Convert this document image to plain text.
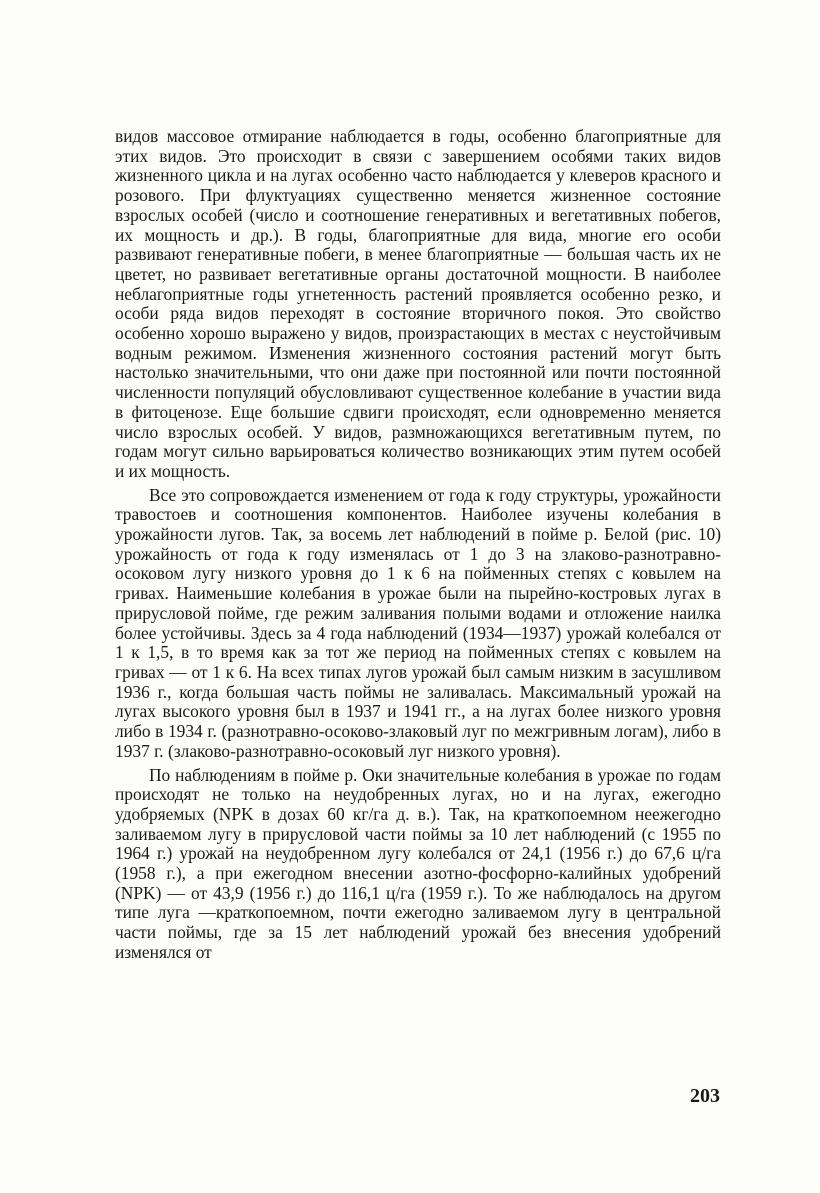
видов массовое отмирание наблюдается в годы, особенно благоприятные для этих видов. Это происходит в связи с завершением особями таких видов жизненного цикла и на лугах особенно часто наблюдается у клеверов красного и розового. При флуктуациях существенно меняется жизненное состояние взрослых особей (число и соотношение генеративных и вегетативных побегов, их мощность и др.). В годы, благоприятные для вида, многие его особи развивают генеративные побеги, в менее благоприятные — большая часть их не цветет, но развивает вегетативные органы достаточной мощности. В наиболее неблагоприятные годы угнетенность растений проявляется особенно резко, и особи ряда видов переходят в состояние вторичного покоя. Это свойство особенно хорошо выражено у видов, произрастающих в местах с неустойчивым водным режимом. Изменения жизненного состояния растений могут быть настолько значительными, что они даже при постоянной или почти постоянной численности популяций обусловливают существенное колебание в участии вида в фитоценозе. Еще большие сдвиги происходят, если одновременно меняется число взрослых особей. У видов, размножающихся вегетативным путем, по годам могут сильно варьироваться количество возникающих этим путем особей и их мощность.

Все это сопровождается изменением от года к году структуры, урожайности травостоев и соотношения компонентов. Наиболее изучены колебания в урожайности лугов. Так, за восемь лет наблюдений в пойме р. Белой (рис. 10) урожайность от года к году изменялась от 1 до 3 на злаково-разнотравно-осоковом лугу низкого уровня до 1 к 6 на пойменных степях с ковылем на гривах. Наименьшие колебания в урожае были на пырейно-костровых лугах в прирусловой пойме, где режим заливания полыми водами и отложение наилка более устойчивы. Здесь за 4 года наблюдений (1934—1937) урожай колебался от 1 к 1,5, в то время как за тот же период на пойменных степях с ковылем на гривах — от 1 к 6. На всех типах лугов урожай был самым низким в засушливом 1936 г., когда большая часть поймы не заливалась. Максимальный урожай на лугах высокого уровня был в 1937 и 1941 гг., а на лугах более низкого уровня либо в 1934 г. (разнотравно-осоково-злаковый луг по межгривным логам), либо в 1937 г. (злаково-разнотравно-осоковый луг низкого уровня).

По наблюдениям в пойме р. Оки значительные колебания в урожае по годам происходят не только на неудобренных лугах, но и на лугах, ежегодно удобряемых (NPK в дозах 60 кг/га д. в.). Так, на краткопоемном неежегодно заливаемом лугу в прирусловой части поймы за 10 лет наблюдений (с 1955 по 1964 г.) урожай на неудобренном лугу колебался от 24,1 (1956 г.) до 67,6 ц/га (1958 г.), а при ежегодном внесении азотно-фосфорно-калийных удобрений (NPK) — от 43,9 (1956 г.) до 116,1 ц/га (1959 г.). То же наблюдалось на другом типе луга —краткопоемном, почти ежегодно заливаемом лугу в центральной части поймы, где за 15 лет наблюдений урожай без внесения удобрений изменялся от

203
